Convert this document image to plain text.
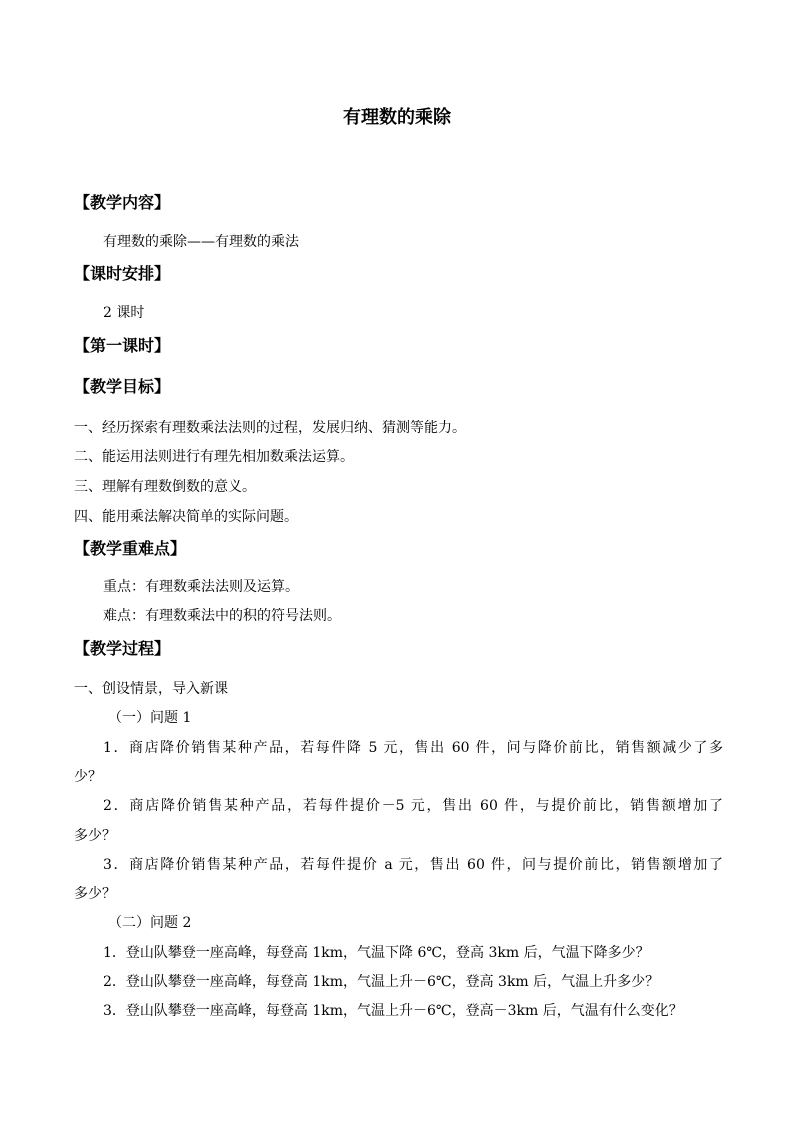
有理数的乘除
【教学内容】
有理数的乘除——有理数的乘法
【课时安排】
2 课时
【第一课时】
【教学目标】
一、经历探索有理数乘法法则的过程，发展归纳、猜测等能力。
二、能运用法则进行有理先相加数乘法运算。
三、理解有理数倒数的意义。
四、能用乘法解决简单的实际问题。
【教学重难点】
重点：有理数乘法法则及运算。
难点：有理数乘法中的积的符号法则。
【教学过程】
一、创设情景，导入新课
（一）问题 1
1．商店降价销售某种产品，若每件降 5 元，售出 60 件，问与降价前比，销售额减少了多
少？
2．商店降价销售某种产品，若每件提价－5 元，售出 60 件，与提价前比，销售额增加了
多少？
3．商店降价销售某种产品，若每件提价 a 元，售出 60 件，问与提价前比，销售额增加了
多少？
（二）问题 2
1．登山队攀登一座高峰，每登高 1km，气温下降 6℃，登高 3km 后，气温下降多少？
2．登山队攀登一座高峰，每登高 1km，气温上升－6℃，登高 3km 后，气温上升多少？
3．登山队攀登一座高峰，每登高 1km，气温上升－6℃，登高－3km 后，气温有什么变化？
